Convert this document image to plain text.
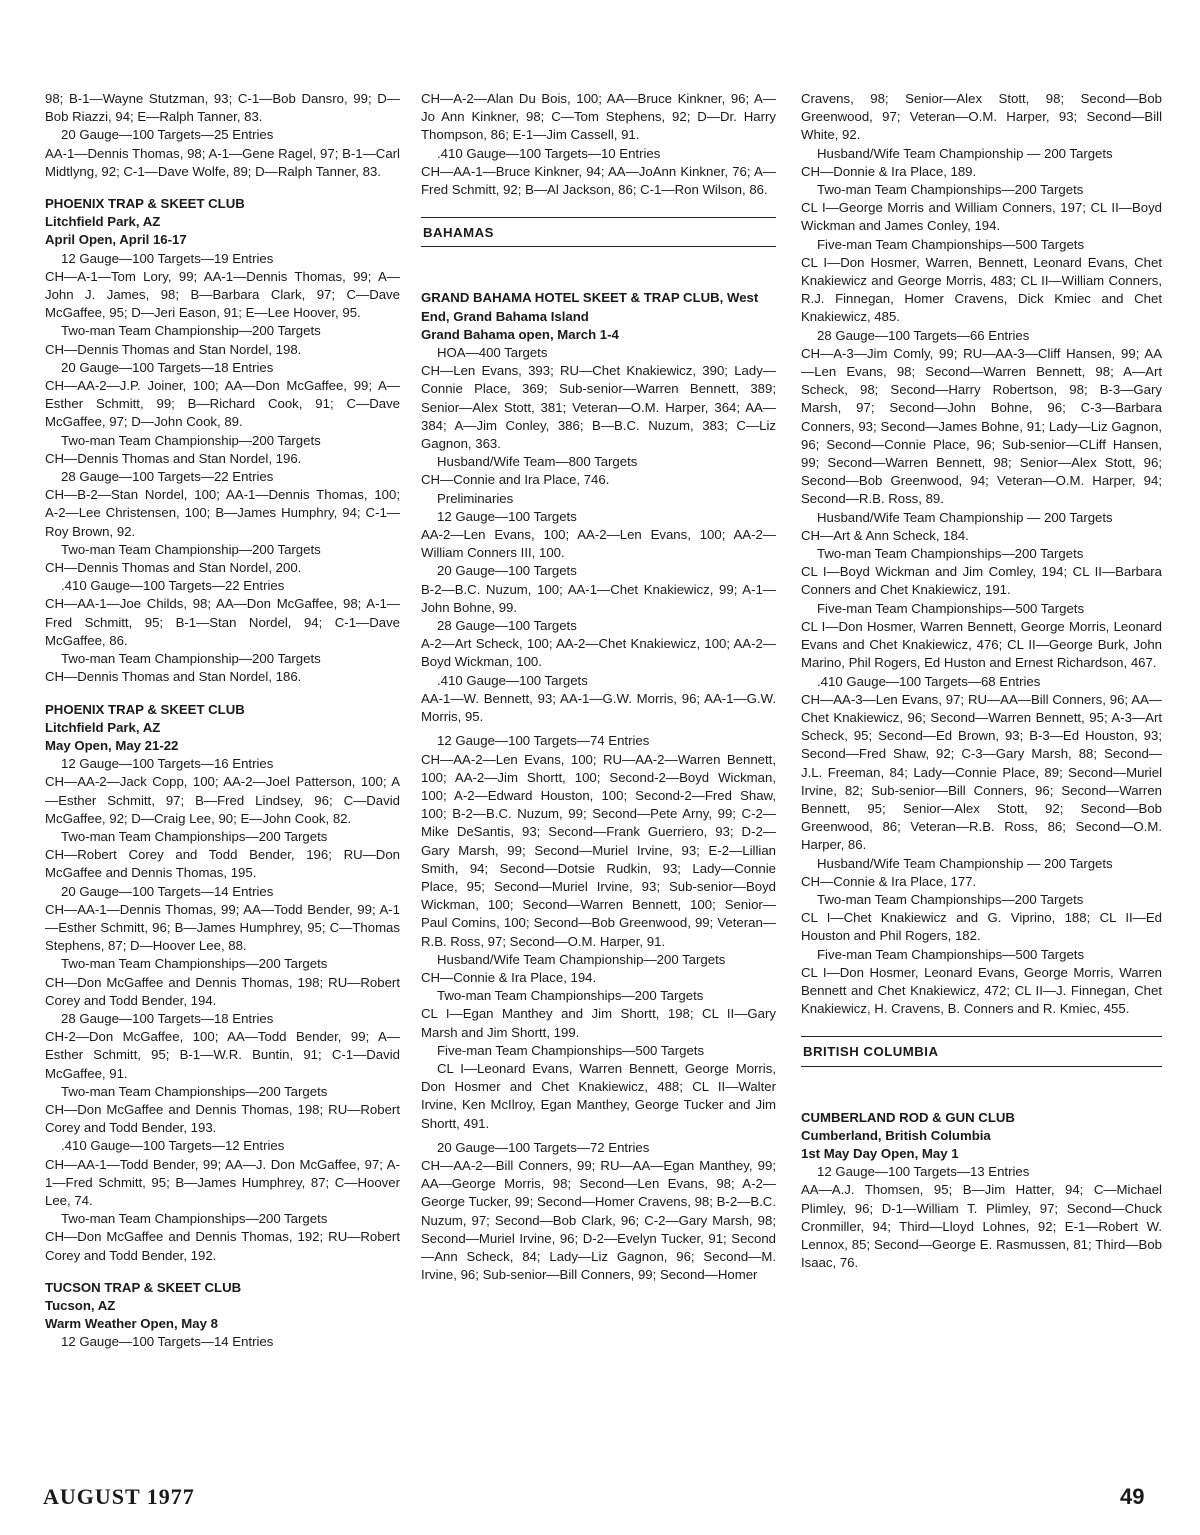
98; B-1—Wayne Stutzman, 93; C-1—Bob Dansro, 99; D—Bob Riazzi, 94; E—Ralph Tanner, 83.
20 Gauge—100 Targets—25 Entries
AA-1—Dennis Thomas, 98; A-1—Gene Ragel, 97; B-1—Carl Midtlyng, 92; C-1—Dave Wolfe, 89; D—Ralph Tanner, 83.
PHOENIX TRAP & SKEET CLUB
Litchfield Park, AZ
April Open, April 16-17
12 Gauge—100 Targets—19 Entries
CH—A-1—Tom Lory, 99; AA-1—Dennis Thomas, 99; A—John J. James, 98; B—Barbara Clark, 97; C—Dave McGaffee, 95; D—Jeri Eason, 91; E—Lee Hoover, 95.
Two-man Team Championship—200 Targets
CH—Dennis Thomas and Stan Nordel, 198.
20 Gauge—100 Targets—18 Entries
CH—AA-2—J.P. Joiner, 100; AA—Don McGaffee, 99; A—Esther Schmitt, 99; B—Richard Cook, 91; C—Dave McGaffee, 97; D—John Cook, 89.
Two-man Team Championship—200 Targets
CH—Dennis Thomas and Stan Nordel, 196.
28 Gauge—100 Targets—22 Entries
CH—B-2—Stan Nordel, 100; AA-1—Dennis Thomas, 100; A-2—Lee Christensen, 100; B—James Humphry, 94; C-1—Roy Brown, 92.
Two-man Team Championship—200 Targets
CH—Dennis Thomas and Stan Nordel, 200.
.410 Gauge—100 Targets—22 Entries
CH—AA-1—Joe Childs, 98; AA—Don McGaffee, 98; A-1—Fred Schmitt, 95; B-1—Stan Nordel, 94; C-1—Dave McGaffee, 86.
Two-man Team Championship—200 Targets
CH—Dennis Thomas and Stan Nordel, 186.
PHOENIX TRAP & SKEET CLUB
Litchfield Park, AZ
May Open, May 21-22
12 Gauge—100 Targets—16 Entries
CH—AA-2—Jack Copp, 100; AA-2—Joel Patterson, 100; A—Esther Schmitt, 97; B—Fred Lindsey, 96; C—David McGaffee, 92; D—Craig Lee, 90; E—John Cook, 82.
Two-man Team Championships—200 Targets
CH—Robert Corey and Todd Bender, 196; RU—Don McGaffee and Dennis Thomas, 195.
20 Gauge—100 Targets—14 Entries
CH—AA-1—Dennis Thomas, 99; AA—Todd Bender, 99; A-1—Esther Schmitt, 96; B—James Humphrey, 95; C—Thomas Stephens, 87; D—Hoover Lee, 88.
Two-man Team Championships—200 Targets
CH—Don McGaffee and Dennis Thomas, 198; RU—Robert Corey and Todd Bender, 194.
28 Gauge—100 Targets—18 Entries
CH-2—Don McGaffee, 100; AA—Todd Bender, 99; A—Esther Schmitt, 95; B-1—W.R. Buntin, 91; C-1—David McGaffee, 91.
Two-man Team Championships—200 Targets
CH—Don McGaffee and Dennis Thomas, 198; RU—Robert Corey and Todd Bender, 193.
.410 Gauge—100 Targets—12 Entries
CH—AA-1—Todd Bender, 99; AA—J. Don McGaffee, 97; A-1—Fred Schmitt, 95; B—James Humphrey, 87; C—Hoover Lee, 74.
Two-man Team Championships—200 Targets
CH—Don McGaffee and Dennis Thomas, 192; RU—Robert Corey and Todd Bender, 192.
TUCSON TRAP & SKEET CLUB
Tucson, AZ
Warm Weather Open, May 8
12 Gauge—100 Targets—14 Entries
CH—A-2—Alan Du Bois, 100; AA—Bruce Kinkner, 96; A—Jo Ann Kinkner, 98; C—Tom Stephens, 92; D—Dr. Harry Thompson, 86; E-1—Jim Cassell, 91.
.410 Gauge—100 Targets—10 Entries
CH—AA-1—Bruce Kinkner, 94; AA—JoAnn Kinkner, 76; A—Fred Schmitt, 92; B—Al Jackson, 86; C-1—Ron Wilson, 86.
BAHAMAS
GRAND BAHAMA HOTEL SKEET & TRAP CLUB, West End, Grand Bahama Island
Grand Bahama open, March 1-4
HOA—400 Targets
CH—Len Evans, 393; RU—Chet Knakiewicz, 390; Lady—Connie Place, 369; Sub-senior—Warren Bennett, 389; Senior—Alex Stott, 381; Veteran—O.M. Harper, 364; AA—384; A—Jim Conley, 386; B—B.C. Nuzum, 383; C—Liz Gagnon, 363.
Husband/Wife Team—800 Targets
CH—Connie and Ira Place, 746.
Preliminaries
12 Gauge—100 Targets
AA-2—Len Evans, 100; AA-2—Len Evans, 100; AA-2—William Conners III, 100.
20 Gauge—100 Targets
B-2—B.C. Nuzum, 100; AA-1—Chet Knakiewicz, 99; A-1—John Bohne, 99.
28 Gauge—100 Targets
A-2—Art Scheck, 100; AA-2—Chet Knakiewicz, 100; AA-2—Boyd Wickman, 100.
.410 Gauge—100 Targets
AA-1—W. Bennett, 93; AA-1—G.W. Morris, 96; AA-1—G.W. Morris, 95.
12 Gauge—100 Targets—74 Entries
CH—AA-2—Len Evans, 100; RU—AA-2—Warren Bennett, 100; AA-2—Jim Shortt, 100; Second-2—Boyd Wickman, 100; A-2—Edward Houston, 100; Second-2—Fred Shaw, 100; B-2—B.C. Nuzum, 99; Second—Pete Arny, 99; C-2—Mike DeSantis, 93; Second—Frank Guerriero, 93; D-2—Gary Marsh, 99; Second—Muriel Irvine, 93; E-2—Lillian Smith, 94; Second—Dotsie Rudkin, 93; Lady—Connie Place, 95; Second—Muriel Irvine, 93; Sub-senior—Boyd Wickman, 100; Second—Warren Bennett, 100; Senior—Paul Comins, 100; Second—Bob Greenwood, 99; Veteran—R.B. Ross, 97; Second—O.M. Harper, 91.
Husband/Wife Team Championship—200 Targets
CH—Connie & Ira Place, 194.
Two-man Team Championships—200 Targets
CL I—Egan Manthey and Jim Shortt, 198; CL II—Gary Marsh and Jim Shortt, 199.
Five-man Team Championships—500 Targets
CL I—Leonard Evans, Warren Bennett, George Morris, Don Hosmer and Chet Knakiewicz, 488; CL II—Walter Irvine, Ken McIlroy, Egan Manthey, George Tucker and Jim Shortt, 491.
20 Gauge—100 Targets—72 Entries
CH—AA-2—Bill Conners, 99; RU—AA—Egan Manthey, 99; AA—George Morris, 98; Second—Len Evans, 98; A-2—George Tucker, 99; Second—Homer Cravens, 98; B-2—B.C. Nuzum, 97; Second—Bob Clark, 96; C-2—Gary Marsh, 98; Second—Muriel Irvine, 96; D-2—Evelyn Tucker, 91; Second—Ann Scheck, 84; Lady—Liz Gagnon, 96; Second—M. Irvine, 96; Sub-senior—Bill Conners, 99; Second—Homer
Cravens, 98; Senior—Alex Stott, 98; Second—Bob Greenwood, 97; Veteran—O.M. Harper, 93; Second—Bill White, 92.
Husband/Wife Team Championship — 200 Targets
CH—Donnie & Ira Place, 189.
Two-man Team Championships—200 Targets
CL I—George Morris and William Conners, 197; CL II—Boyd Wickman and James Conley, 194.
Five-man Team Championships—500 Targets
CL I—Don Hosmer, Warren, Bennett, Leonard Evans, Chet Knakiewicz and George Morris, 483; CL II—William Conners, R.J. Finnegan, Homer Cravens, Dick Kmiec and Chet Knakiewicz, 485.
28 Gauge—100 Targets—66 Entries
CH—A-3—Jim Comly, 99; RU—AA-3—Cliff Hansen, 99; AA—Len Evans, 98; Second—Warren Bennett, 98; A—Art Scheck, 98; Second—Harry Robertson, 98; B-3—Gary Marsh, 97; Second—John Bohne, 96; C-3—Barbara Conners, 93; Second—James Bohne, 91; Lady—Liz Gagnon, 96; Second—Connie Place, 96; Sub-senior—CLiff Hansen, 99; Second—Warren Bennett, 98; Senior—Alex Stott, 96; Second—Bob Greenwood, 94; Veteran—O.M. Harper, 94; Second—R.B. Ross, 89.
Husband/Wife Team Championship — 200 Targets
CH—Art & Ann Scheck, 184.
Two-man Team Championships—200 Targets
CL I—Boyd Wickman and Jim Comley, 194; CL II—Barbara Conners and Chet Knakiewicz, 191.
Five-man Team Championships—500 Targets
CL I—Don Hosmer, Warren Bennett, George Morris, Leonard Evans and Chet Knakiewicz, 476; CL II—George Burk, John Marino, Phil Rogers, Ed Huston and Ernest Richardson, 467.
.410 Gauge—100 Targets—68 Entries
CH—AA-3—Len Evans, 97; RU—AA—Bill Conners, 96; AA—Chet Knakiewicz, 96; Second—Warren Bennett, 95; A-3—Art Scheck, 95; Second—Ed Brown, 93; B-3—Ed Houston, 93; Second—Fred Shaw, 92; C-3—Gary Marsh, 88; Second—J.L. Freeman, 84; Lady—Connie Place, 89; Second—Muriel Irvine, 82; Sub-senior—Bill Conners, 96; Second—Warren Bennett, 95; Senior—Alex Stott, 92; Second—Bob Greenwood, 86; Veteran—R.B. Ross, 86; Second—O.M. Harper, 86.
Husband/Wife Team Championship — 200 Targets
CH—Connie & Ira Place, 177.
Two-man Team Championships—200 Targets
CL I—Chet Knakiewicz and G. Viprino, 188; CL II—Ed Houston and Phil Rogers, 182.
Five-man Team Championships—500 Targets
CL I—Don Hosmer, Leonard Evans, George Morris, Warren Bennett and Chet Knakiewicz, 472; CL II—J. Finnegan, Chet Knakiewicz, H. Cravens, B. Conners and R. Kmiec, 455.
BRITISH COLUMBIA
CUMBERLAND ROD & GUN CLUB
Cumberland, British Columbia
1st May Day Open, May 1
12 Gauge—100 Targets—13 Entries
AA—A.J. Thomsen, 95; B—Jim Hatter, 94; C—Michael Plimley, 96; D-1—William T. Plimley, 97; Second—Chuck Cronmiller, 94; Third—Lloyd Lohnes, 92; E-1—Robert W. Lennox, 85; Second—George E. Rasmussen, 81; Third—Bob Isaac, 76.
AUGUST 1977	49
